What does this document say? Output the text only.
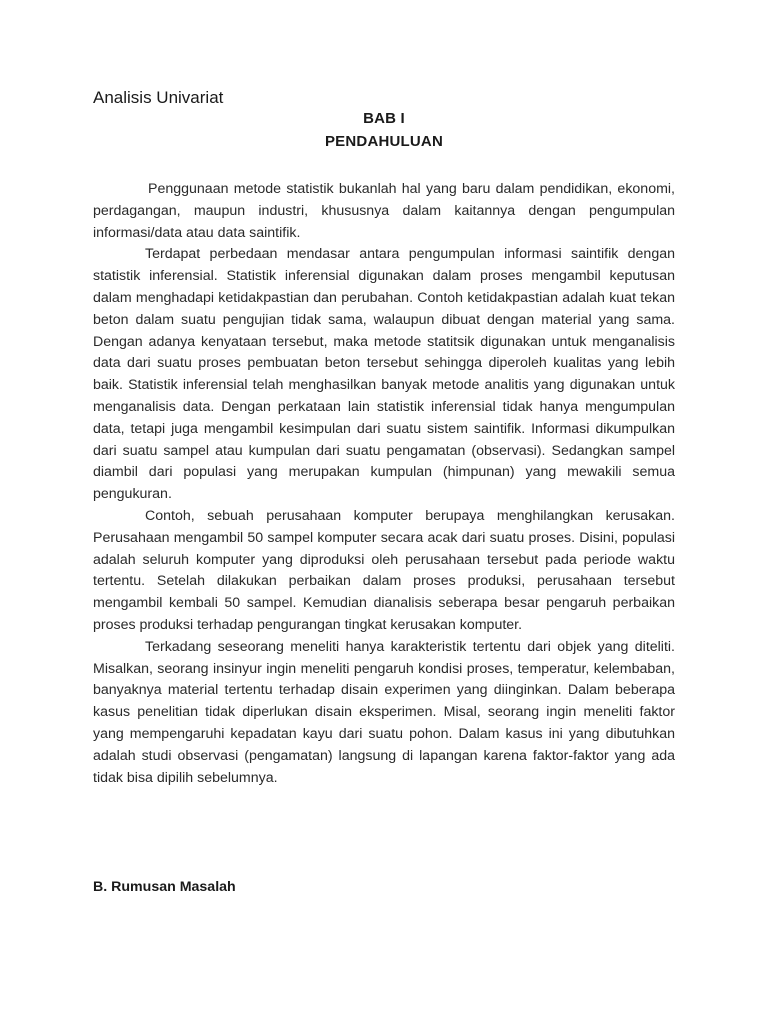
Analisis Univariat
BAB I
PENDAHULUAN

Penggunaan metode statistik bukanlah hal yang baru dalam pendidikan, ekonomi, perdagangan, maupun industri, khususnya dalam kaitannya dengan pengumpulan informasi/data atau data saintifik.

Terdapat perbedaan mendasar antara pengumpulan informasi saintifik dengan statistik inferensial. Statistik inferensial digunakan dalam proses mengambil keputusan dalam menghadapi ketidakpastian dan perubahan. Contoh ketidakpastian adalah kuat tekan beton dalam suatu pengujian tidak sama, walaupun dibuat dengan material yang sama. Dengan adanya kenyataan tersebut, maka metode statitsik digunakan untuk menganalisis data dari suatu proses pembuatan beton tersebut sehingga diperoleh kualitas yang lebih baik. Statistik inferensial telah menghasilkan banyak metode analitis yang digunakan untuk menganalisis data. Dengan perkataan lain statistik inferensial tidak hanya mengumpulan data, tetapi juga mengambil kesimpulan dari suatu sistem saintifik. Informasi dikumpulkan dari suatu sampel atau kumpulan dari suatu pengamatan (observasi). Sedangkan sampel diambil dari populasi yang merupakan kumpulan (himpunan) yang mewakili semua pengukuran.

Contoh, sebuah perusahaan komputer berupaya menghilangkan kerusakan. Perusahaan mengambil 50 sampel komputer secara acak dari suatu proses. Disini, populasi adalah seluruh komputer yang diproduksi oleh perusahaan tersebut pada periode waktu tertentu. Setelah dilakukan perbaikan dalam proses produksi, perusahaan tersebut mengambil kembali 50 sampel. Kemudian dianalisis seberapa besar pengaruh perbaikan proses produksi terhadap pengurangan tingkat kerusakan komputer.

Terkadang seseorang meneliti hanya karakteristik tertentu dari objek yang diteliti. Misalkan, seorang insinyur ingin meneliti pengaruh kondisi proses, temperatur, kelembaban, banyaknya material tertentu terhadap disain experimen yang diinginkan. Dalam beberapa kasus penelitian tidak diperlukan disain eksperimen. Misal, seorang ingin meneliti faktor yang mempengaruhi kepadatan kayu dari suatu pohon. Dalam kasus ini yang dibutuhkan adalah studi observasi (pengamatan) langsung di lapangan karena faktor-faktor yang ada tidak bisa dipilih sebelumnya.

B. Rumusan Masalah
